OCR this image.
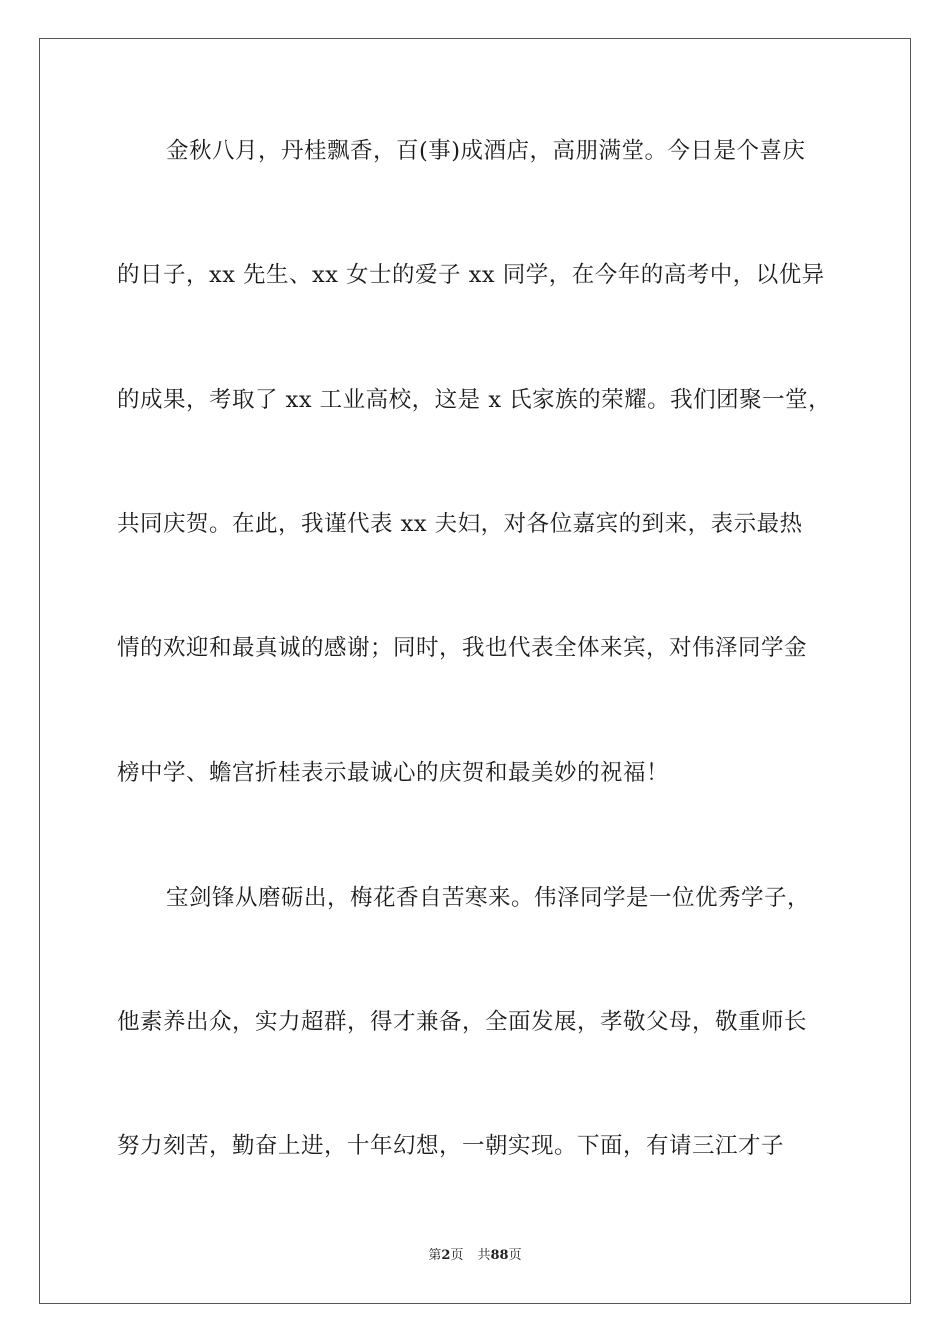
金秋八月，丹桂飘香，百(事)成酒店，高朋满堂。今日是个喜庆
的日子，xx 先生、xx 女士的爱子 xx 同学，在今年的高考中，以优异
的成果，考取了 xx 工业高校，这是 x 氏家族的荣耀。我们团聚一堂，
共同庆贺。在此，我谨代表 xx 夫妇，对各位嘉宾的到来，表示最热
情的欢迎和最真诚的感谢；同时，我也代表全体来宾，对伟泽同学金
榜中学、蟾宫折桂表示最诚心的庆贺和最美妙的祝福！
宝剑锋从磨砺出，梅花香自苦寒来。伟泽同学是一位优秀学子，
他素养出众，实力超群，得才兼备，全面发展，孝敬父母，敬重师长
努力刻苦，勤奋上进，十年幻想，一朝实现。下面，有请三江才子
第2页 共88页
